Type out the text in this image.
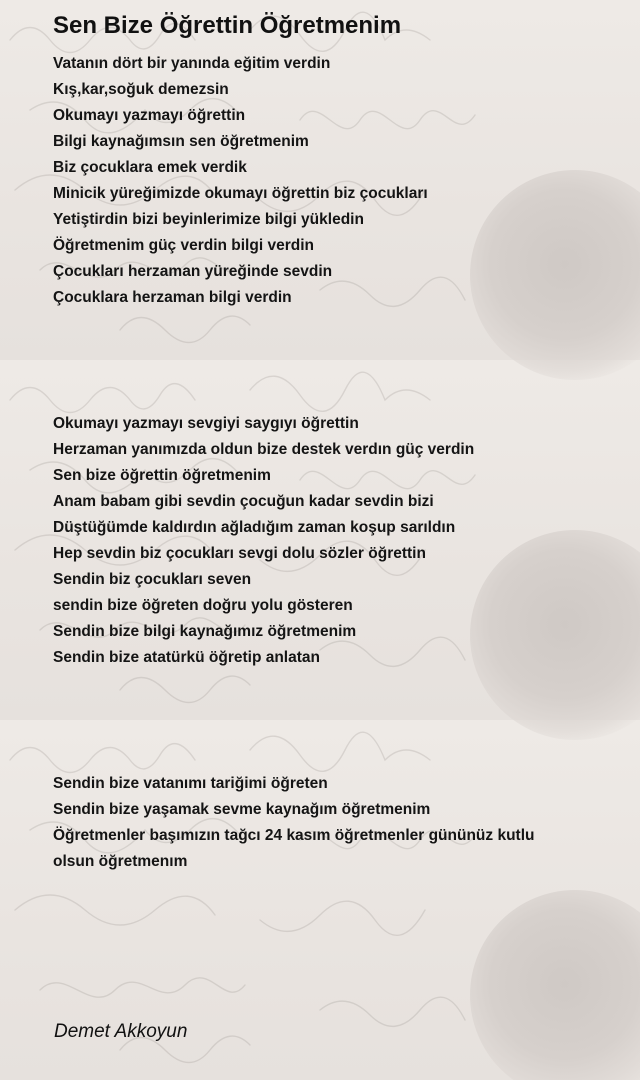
Sen Bize Öğrettin Öğretmenim
Vatanın dört bir yanında eğitim verdin
Kış,kar,soğuk demezsin
Okumayı yazmayı öğrettin
Bilgi kaynağımsın sen öğretmenim
Biz çocuklara emek verdik
Minicik yüreğimizde okumayı öğrettin biz çocukları
Yetiştirdin bizi beyinlerimize bilgi yükledin
Öğretmenim güç verdin bilgi verdin
Çocukları herzaman yüreğinde sevdin
Çocuklara herzaman bilgi verdin
Okumayı yazmayı sevgiyi saygıyı öğrettin
Herzaman yanımızda oldun bize destek verdın güç verdin
Sen bize öğrettin öğretmenim
Anam babam gibi sevdin çocuğun kadar sevdin bizi
Düştüğümde kaldırdın ağladığım zaman koşup sarıldın
Hep sevdin biz çocukları sevgi dolu sözler öğrettin
Sendin biz çocukları seven
sendin bize öğreten doğru yolu gösteren
Sendin bize bilgi kaynağımız öğretmenim
Sendin bize atatürkü öğretip anlatan
Sendin bize vatanımı tariğimi öğreten
Sendin bize yaşamak sevme kaynağım öğretmenim
Öğretmenler başımızın tağcı 24 kasım öğretmenler gününüz kutlu
olsun öğretmenım
Demet Akkoyun
